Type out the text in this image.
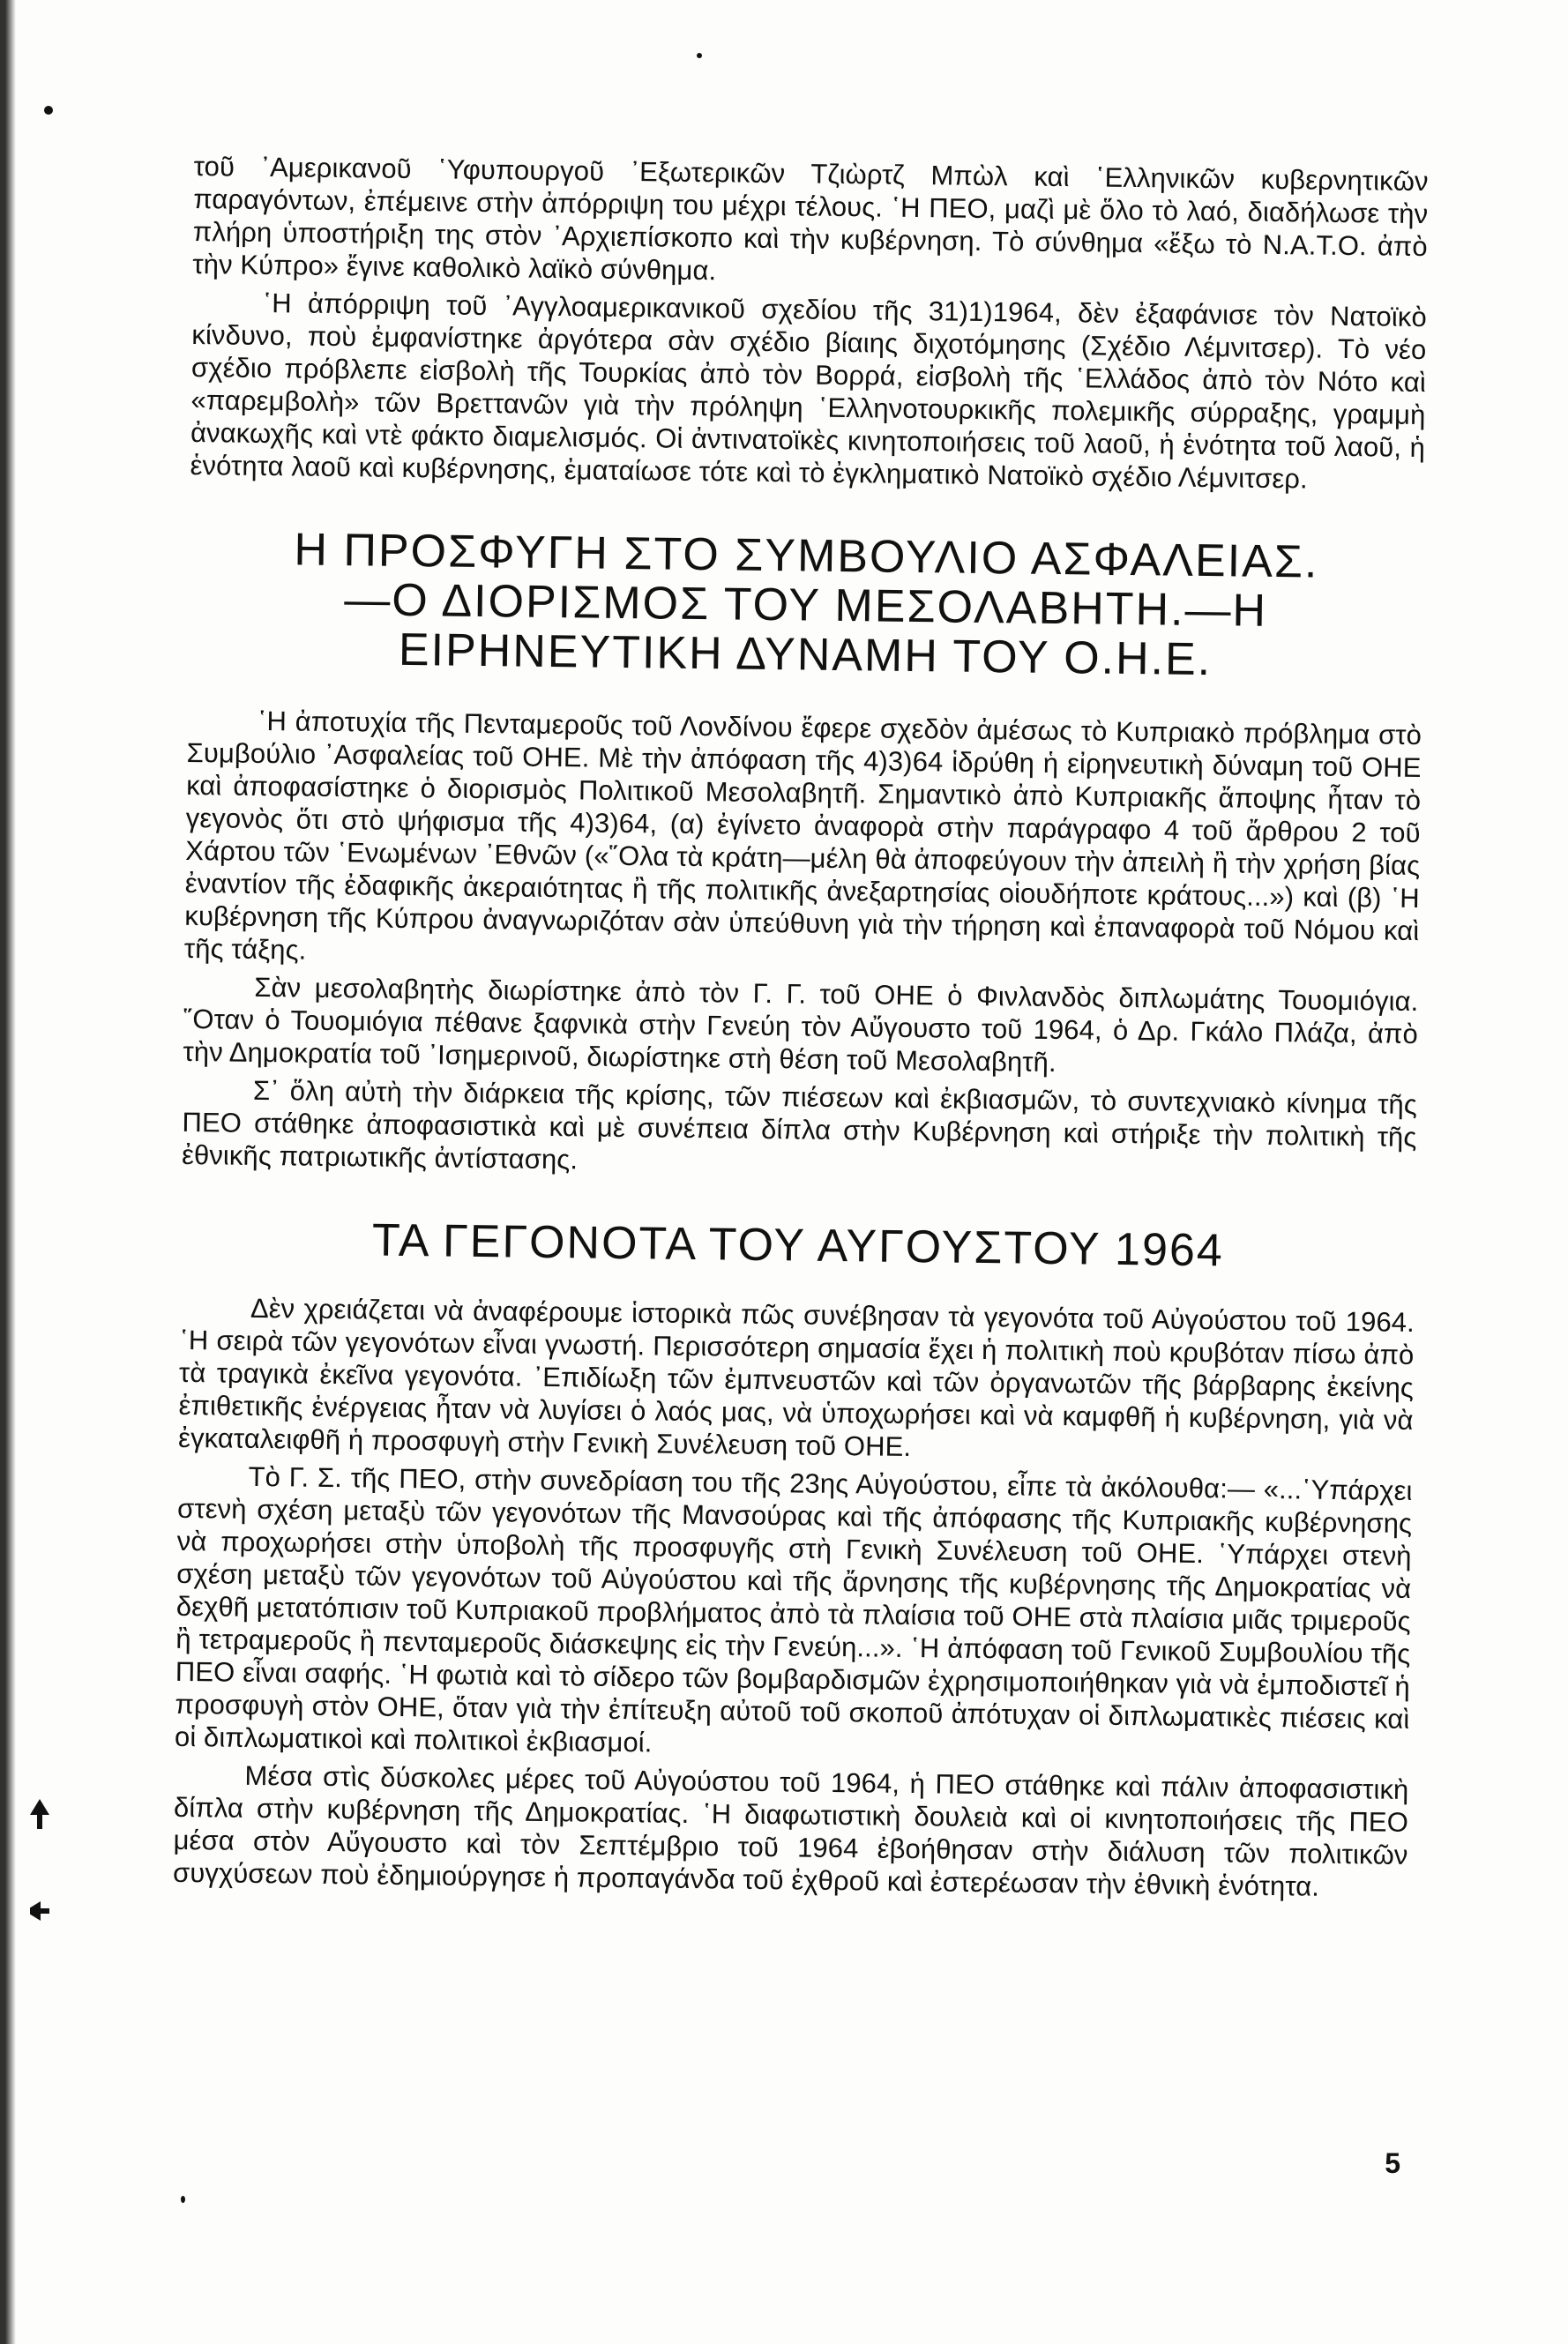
τοῦ ᾽Αμερικανοῦ ῾Υφυπουργοῦ ᾽Εξωτερικῶν Τζιὼρτζ Μπὼλ καὶ ῾Ελληνικῶν κυβερνητικῶν παραγόντων, ἐπέμεινε στὴν ἀπόρριψη του μέχρι τέλους. ῾Η ΠΕΟ, μαζὶ μὲ ὅλο τὸ λαό, διαδήλωσε τὴν πλήρη ὑποστήριξη της στὸν ᾽Αρχιεπίσκοπο καὶ τὴν κυβέρνηση. Τὸ σύνθημα «ἔξω τὸ Ν.Α.Τ.Ο. ἀπὸ τὴν Κύπρο» ἔγινε καθολικὸ λαϊκὸ σύνθημα.

῾Η ἀπόρριψη τοῦ ᾽Αγγλοαμερικανικοῦ σχεδίου τῆς 31)1)1964, δὲν ἐξαφάνισε τὸν Νατοϊκὸ κίνδυνο, ποὺ ἐμφανίστηκε ἀργότερα σὰν σχέδιο βίαιης διχοτόμησης (Σχέδιο Λέμνιτσερ). Τὸ νέο σχέδιο πρόβλεπε εἰσβολὴ τῆς Τουρκίας ἀπὸ τὸν Βορρά, εἰσβολὴ τῆς ῾Ελλάδος ἀπὸ τὸν Νότο καὶ «παρεμβολὴ» τῶν Βρεττανῶν γιὰ τὴν πρόληψη ῾Ελληνοτουρκικῆς πολεμικῆς σύρραξης, γραμμὴ ἀνακωχῆς καὶ ντὲ φάκτο διαμελισμός. Οἱ ἀντινατοϊκὲς κινητοποιήσεις τοῦ λαοῦ, ἡ ἑνότητα τοῦ λαοῦ, ἡ ἑνότητα λαοῦ καὶ κυβέρνησης, ἐματαίωσε τότε καὶ τὸ ἐγκληματικὸ Νατοϊκὸ σχέδιο Λέμνιτσερ.

Η ΠΡΟΣΦΥΓΗ ΣΤΟ ΣΥΜΒΟΥΛΙΟ ΑΣΦΑΛΕΙΑΣ.
—Ο ΔΙΟΡΙΣΜΟΣ ΤΟΥ ΜΕΣΟΛΑΒΗΤΗ.—Η
ΕΙΡΗΝΕΥΤΙΚΗ ΔΥΝΑΜΗ ΤΟΥ Ο.Η.Ε.

῾Η ἀποτυχία τῆς Πενταμεροῦς τοῦ Λονδίνου ἔφερε σχεδὸν ἀμέσως τὸ Κυπριακὸ πρόβλημα στὸ Συμβούλιο ᾽Ασφαλείας τοῦ ΟΗΕ. Μὲ τὴν ἀπόφαση τῆς 4)3)64 ἱδρύθη ἡ εἰρηνευτικὴ δύναμη τοῦ ΟΗΕ καὶ ἀποφασίστηκε ὁ διορισμὸς Πολιτικοῦ Μεσολαβητῆ. Σημαντικὸ ἀπὸ Κυπριακῆς ἄποψης ἦταν τὸ γεγονὸς ὅτι στὸ ψήφισμα τῆς 4)3)64, (α) ἐγίνετο ἀναφορὰ στὴν παράγραφο 4 τοῦ ἄρθρου 2 τοῦ Χάρτου τῶν ῾Ενωμένων ᾽Εθνῶν («῞Ολα τὰ κράτη—μέλη θὰ ἀποφεύγουν τὴν ἀπειλὴ ἢ τὴν χρήση βίας ἐναντίον τῆς ἐδαφικῆς ἀκεραιότητας ἢ τῆς πολιτικῆς ἀνεξαρτησίας οἱουδήποτε κράτους...») καὶ (β) ῾Η κυβέρνηση τῆς Κύπρου ἀναγνωριζόταν σὰν ὑπεύθυνη γιὰ τὴν τήρηση καὶ ἐπαναφορὰ τοῦ Νόμου καὶ τῆς τάξης.

Σὰν μεσολαβητὴς διωρίστηκε ἀπὸ τὸν Γ. Γ. τοῦ ΟΗΕ ὁ Φινλανδὸς διπλωμάτης Τουομιόγια. ῞Οταν ὁ Τουομιόγια πέθανε ξαφνικὰ στὴν Γενεύη τὸν Αὔγουστο τοῦ 1964, ὁ Δρ. Γκάλο Πλάζα, ἀπὸ τὴν Δημοκρατία τοῦ ᾽Ισημερινοῦ, διωρίστηκε στὴ θέση τοῦ Μεσολαβητῆ.

Σ᾽ ὅλη αὐτὴ τὴν διάρκεια τῆς κρίσης, τῶν πιέσεων καὶ ἐκβιασμῶν, τὸ συντεχνιακὸ κίνημα τῆς ΠΕΟ στάθηκε ἀποφασιστικὰ καὶ μὲ συνέπεια δίπλα στὴν Κυβέρνηση καὶ στήριξε τὴν πολιτικὴ τῆς ἐθνικῆς πατριωτικῆς ἀντίστασης.

ΤΑ ΓΕΓΟΝΟΤΑ ΤΟΥ ΑΥΓΟΥΣΤΟΥ 1964

Δὲν χρειάζεται νὰ ἀναφέρουμε ἱστορικὰ πῶς συνέβησαν τὰ γεγονότα τοῦ Αὐγούστου τοῦ 1964. ῾Η σειρὰ τῶν γεγονότων εἶναι γνωστή. Περισσότερη σημασία ἔχει ἡ πολιτικὴ ποὺ κρυβόταν πίσω ἀπὸ τὰ τραγικὰ ἐκεῖνα γεγονότα. ᾽Επιδίωξη τῶν ἐμπνευστῶν καὶ τῶν ὀργανωτῶν τῆς βάρβαρης ἐκείνης ἐπιθετικῆς ἐνέργειας ἦταν νὰ λυγίσει ὁ λαός μας, νὰ ὑποχωρήσει καὶ νὰ καμφθῆ ἡ κυβέρνηση, γιὰ νὰ ἐγκαταλειφθῆ ἡ προσφυγὴ στὴν Γενικὴ Συνέλευση τοῦ ΟΗΕ.

Τὸ Γ. Σ. τῆς ΠΕΟ, στὴν συνεδρίαση του τῆς 23ης Αὐγούστου, εἶπε τὰ ἀκόλουθα:— «...῾Υπάρχει στενὴ σχέση μεταξὺ τῶν γεγονότων τῆς Μανσούρας καὶ τῆς ἀπόφασης τῆς Κυπριακῆς κυβέρνησης νὰ προχωρήσει στὴν ὑποβολὴ τῆς προσφυγῆς στὴ Γενικὴ Συνέλευση τοῦ ΟΗΕ. ῾Υπάρχει στενὴ σχέση μεταξὺ τῶν γεγονότων τοῦ Αὐγούστου καὶ τῆς ἄρνησης τῆς κυβέρνησης τῆς Δημοκρατίας νὰ δεχθῆ μετατόπισιν τοῦ Κυπριακοῦ προβλήματος ἀπὸ τὰ πλαίσια τοῦ ΟΗΕ στὰ πλαίσια μιᾶς τριμεροῦς ἢ τετραμεροῦς ἢ πενταμεροῦς διάσκεψης εἰς τὴν Γενεύη...». ῾Η ἀπόφαση τοῦ Γενικοῦ Συμβουλίου τῆς ΠΕΟ εἶναι σαφής. ῾Η φωτιὰ καὶ τὸ σίδερο τῶν βομβαρδισμῶν ἐχρησιμοποιήθηκαν γιὰ νὰ ἐμποδιστεῖ ἡ προσφυγὴ στὸν ΟΗΕ, ὅταν γιὰ τὴν ἐπίτευξη αὐτοῦ τοῦ σκοποῦ ἀπότυχαν οἱ διπλωματικὲς πιέσεις καὶ οἱ διπλωματικοὶ καὶ πολιτικοὶ ἐκβιασμοί.

Μέσα στὶς δύσκολες μέρες τοῦ Αὐγούστου τοῦ 1964, ἡ ΠΕΟ στάθηκε καὶ πάλιν ἀποφασιστικὴ δίπλα στὴν κυβέρνηση τῆς Δημοκρατίας. ῾Η διαφωτιστικὴ δουλειὰ καὶ οἱ κινητοποιήσεις τῆς ΠΕΟ μέσα στὸν Αὔγουστο καὶ τὸν Σεπτέμβριο τοῦ 1964 ἐβοήθησαν στὴν διάλυση τῶν πολιτικῶν συγχύσεων ποὺ ἐδημιούργησε ἡ προπαγάνδα τοῦ ἐχθροῦ καὶ ἐστερέωσαν τὴν ἐθνικὴ ἑνότητα.

5
